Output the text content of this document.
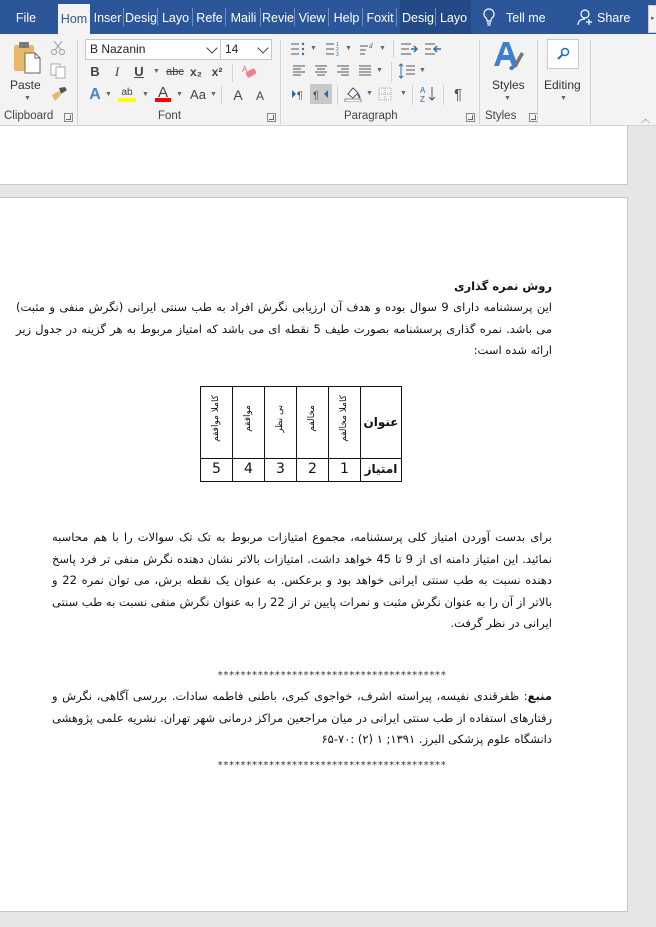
File	Hom Inser Desig Layo Refe Maili Revie View Help Foxit Desig Layo	Tell me	Share	▸
Paste
▼
Clipboard
B Nazanin	14
B I U ▼ abc x₂ x² A
A ▼ ab	▼ A	▼ Aa ▼ A A
Font
▼	1
2
3
▼	a
1
▼
▼	▼
¶ ¶	▼	▼ A
Z ¶
Paragraph
Styles
▼
Styles
Editing
▼
︿
روش نمره گذاری
این پرسشنامه دارای 9 سوال بوده و هدف آن ارزیابی نگرش افراد به طب سنتی ایرانی (نگرش منفی و مثبت) می باشد. نمره گذاری پرسشنامه بصورت طیف 5 نقطه ای می باشد که امتیاز مربوط به هر گزینه در جدول زیر ارائه شده است:
عنوان	کاملا مخالفم	مخالفم	بی نظر	موافقم	کاملا موافقم
امتیاز	1	2	3	4	5
برای بدست آوردن امتیاز کلی پرسشنامه، مجموع امتیازات مربوط به تک تک سوالات را با هم محاسبه نمائید. این امتیاز دامنه ای از 9 تا 45 خواهد داشت. امتیازات بالاتر نشان دهنده نگرش منفی تر فرد پاسخ دهنده نسبت به طب سنتی ایرانی خواهد بود و برعکس. به عنوان یک نقطه برش، می توان نمره 22 و بالاتر از آن را به عنوان نگرش مثبت و نمرات پایین تر از 22 را به عنوان نگرش منفی نسبت به طب سنتی ایرانی در نظر گرفت.
****************************************
منبع: ظفرقندی نفیسه، پیراسته اشرف، خواجوی کبری، باطنی فاطمه سادات. بررسی آگاهی، نگرش و رفتارهای استفاده از طب سنتی ایرانی در میان مراجعین مراکز درمانی شهر تهران. نشریه علمی پژوهشی دانشگاه علوم پزشکی البرز. ۱۳۹۱; ۱ (۲) :۷۰-۶۵
****************************************
